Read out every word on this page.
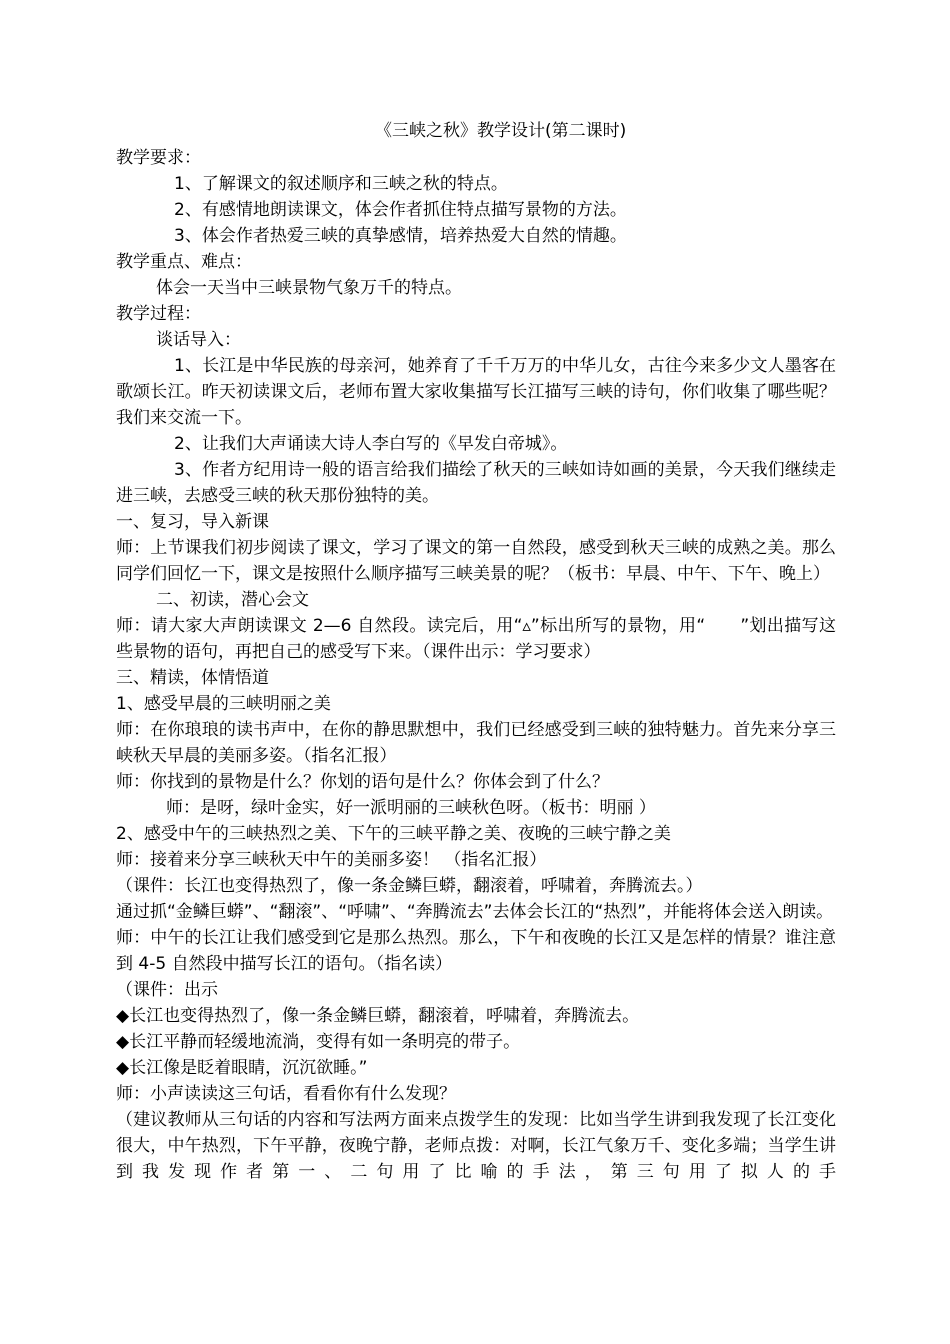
《三峡之秋》教学设计(第二课时)
教学要求：
1、了解课文的叙述顺序和三峡之秋的特点。
2、有感情地朗读课文，体会作者抓住特点描写景物的方法。
3、体会作者热爱三峡的真挚感情，培养热爱大自然的情趣。
教学重点、难点：
体会一天当中三峡景物气象万千的特点。
教学过程：
谈话导入：
1、长江是中华民族的母亲河，她养育了千千万万的中华儿女，古往今来多少文人墨客在歌颂长江。昨天初读课文后，老师布置大家收集描写长江描写三峡的诗句，你们收集了哪些呢？我们来交流一下。
2、让我们大声诵读大诗人李白写的《早发白帝城》。
3、作者方纪用诗一般的语言给我们描绘了秋天的三峡如诗如画的美景，今天我们继续走进三峡，去感受三峡的秋天那份独特的美。
一、复习，导入新课
师：上节课我们初步阅读了课文，学习了课文的第一自然段，感受到秋天三峡的成熟之美。那么同学们回忆一下，课文是按照什么顺序描写三峡美景的呢？（板书：早晨、中午、下午、晚上）
二、初读，潜心会文
师：请大家大声朗读课文 2—6 自然段。读完后，用“▵”标出所写的景物，用“　　”划出描写这些景物的语句，再把自己的感受写下来。（课件出示：学习要求）
三、精读，体情悟道
1、感受早晨的三峡明丽之美
师：在你琅琅的读书声中，在你的静思默想中，我们已经感受到三峡的独特魅力。首先来分享三峡秋天早晨的美丽多姿。（指名汇报）
师：你找到的景物是什么？你划的语句是什么？你体会到了什么？
师：是呀，绿叶金实，好一派明丽的三峡秋色呀。（板书：明丽 ）
2、感受中午的三峡热烈之美、下午的三峡平静之美、夜晚的三峡宁静之美
师：接着来分享三峡秋天中午的美丽多姿！ （指名汇报）
（课件：长江也变得热烈了，像一条金鳞巨蟒，翻滚着，呼啸着，奔腾流去。）
通过抓“金鳞巨蟒”、“翻滚”、“呼啸”、“奔腾流去”去体会长江的“热烈”，并能将体会送入朗读。
师：中午的长江让我们感受到它是那么热烈。那么，下午和夜晚的长江又是怎样的情景？谁注意到 4-5 自然段中描写长江的语句。（指名读）
（课件：出示
◆长江也变得热烈了，像一条金鳞巨蟒，翻滚着，呼啸着，奔腾流去。
◆长江平静而轻缓地流淌，变得有如一条明亮的带子。
◆长江像是眨着眼睛，沉沉欲睡。”
师：小声读读这三句话，看看你有什么发现？
（建议教师从三句话的内容和写法两方面来点拨学生的发现：比如当学生讲到我发现了长江变化很大，中午热烈，下午平静，夜晚宁静，老师点拨：对啊，长江气象万千、变化多端；当学生讲到我发现作者第一、二句用了比喻的手法，第三句用了拟人的手
